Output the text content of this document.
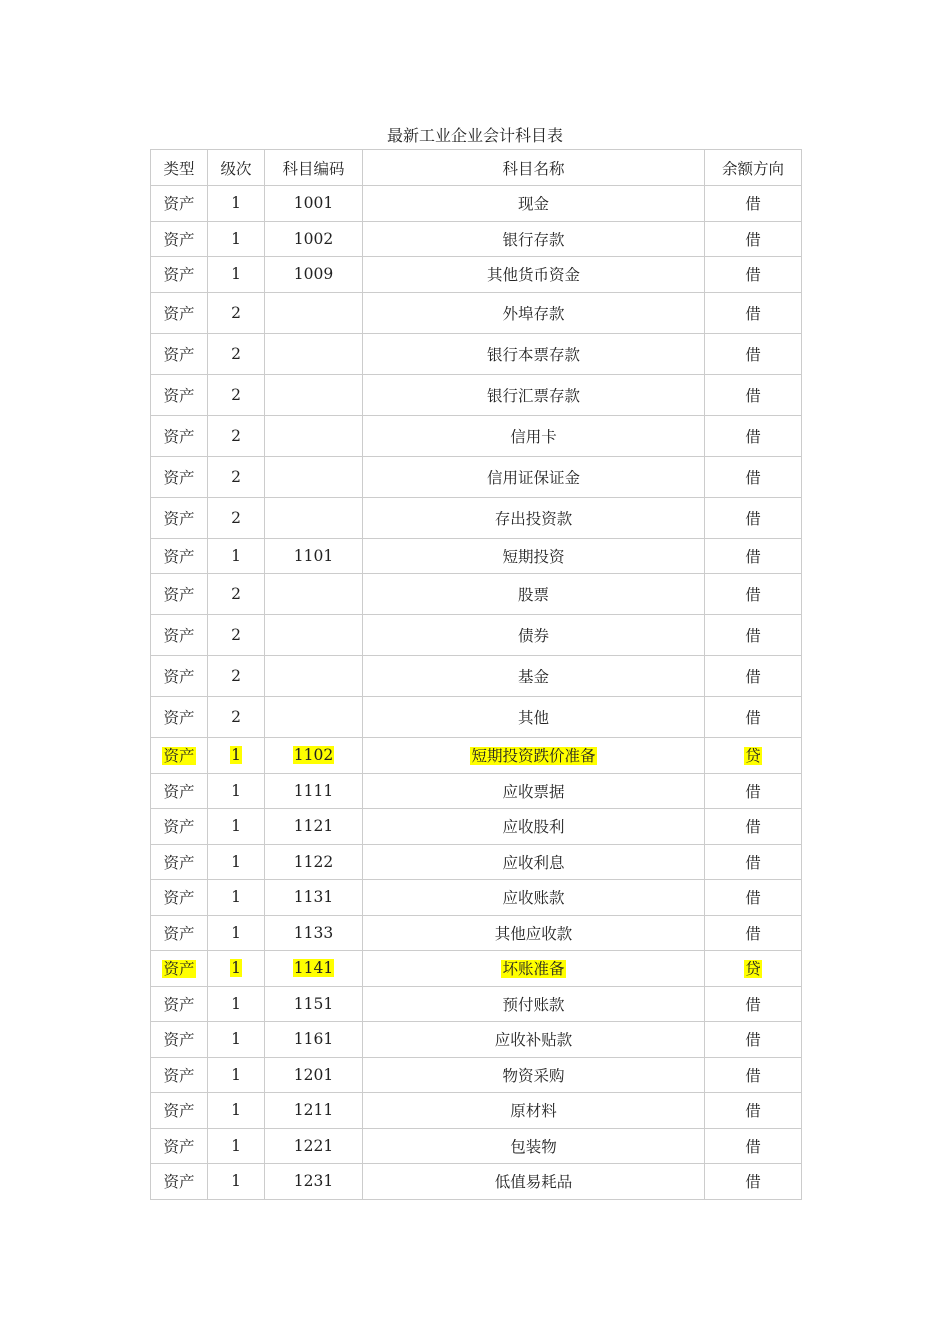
最新工业企业会计科目表
类型	级次	科目编码	科目名称	余额方向
资产	1	1001	现金	借
资产	1	1002	银行存款	借
资产	1	1009	其他货币资金	借
资产	2		外埠存款	借
资产	2		银行本票存款	借
资产	2		银行汇票存款	借
资产	2		信用卡	借
资产	2		信用证保证金	借
资产	2		存出投资款	借
资产	1	1101	短期投资	借
资产	2		股票	借
资产	2		债券	借
资产	2		基金	借
资产	2		其他	借
资产	1	1102	短期投资跌价准备	贷
资产	1	1111	应收票据	借
资产	1	1121	应收股利	借
资产	1	1122	应收利息	借
资产	1	1131	应收账款	借
资产	1	1133	其他应收款	借
资产	1	1141	坏账准备	贷
资产	1	1151	预付账款	借
资产	1	1161	应收补贴款	借
资产	1	1201	物资采购	借
资产	1	1211	原材料	借
资产	1	1221	包装物	借
资产	1	1231	低值易耗品	借
